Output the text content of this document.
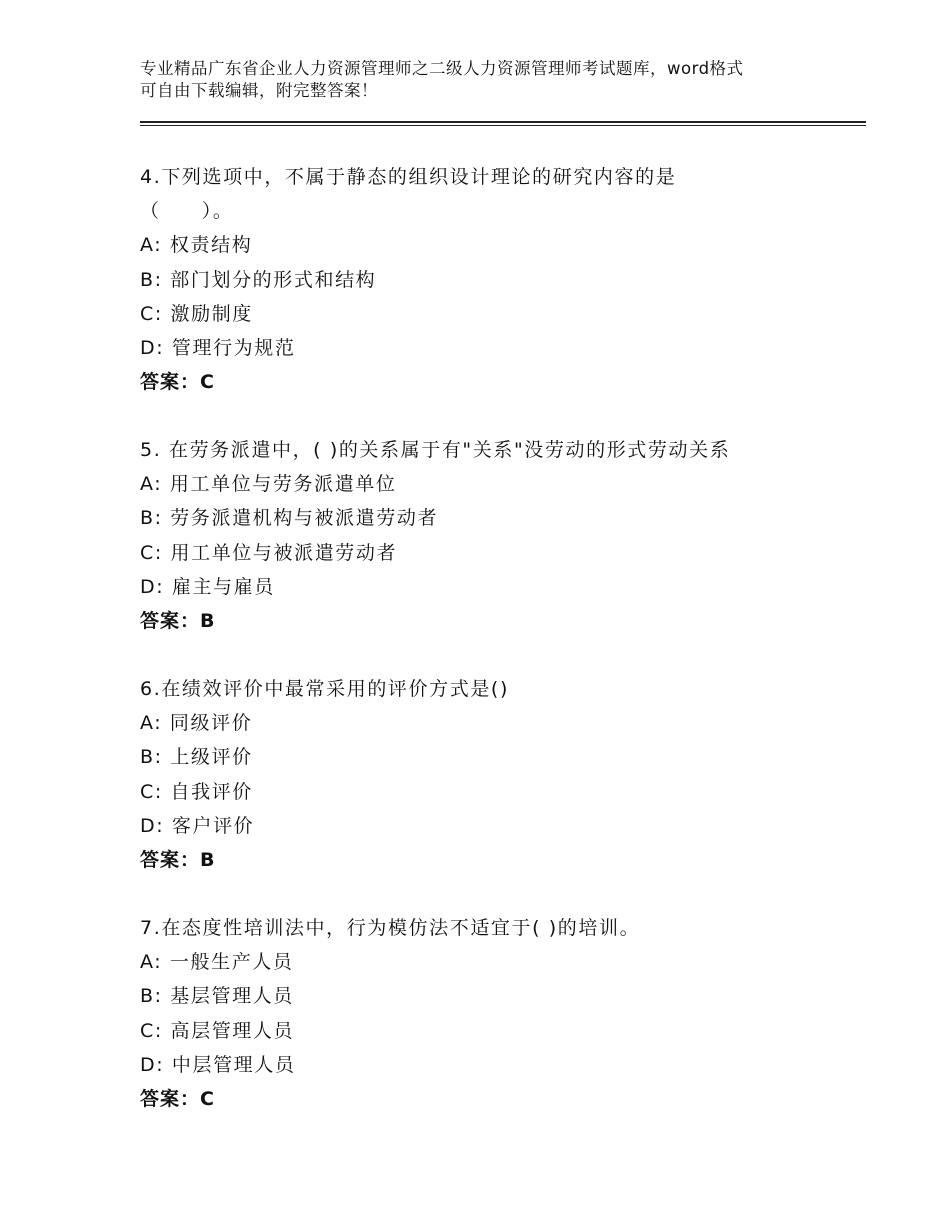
专业精品广东省企业人力资源管理师之二级人力资源管理师考试题库，word格式
可自由下载编辑，附完整答案！
4.下列选项中，不属于静态的组织设计理论的研究内容的是
（　　）。
A: 权责结构
B: 部门划分的形式和结构
C: 激励制度
D: 管理行为规范
答案：C
5. 在劳务派遣中，( )的关系属于有"关系"没劳动的形式劳动关系
A: 用工单位与劳务派遣单位
B: 劳务派遣机构与被派遣劳动者
C: 用工单位与被派遣劳动者
D: 雇主与雇员
答案：B
6.在绩效评价中最常采用的评价方式是()
A: 同级评价
B: 上级评价
C: 自我评价
D: 客户评价
答案：B
7.在态度性培训法中，行为模仿法不适宜于( )的培训。
A: 一般生产人员
B: 基层管理人员
C: 高层管理人员
D: 中层管理人员
答案：C
